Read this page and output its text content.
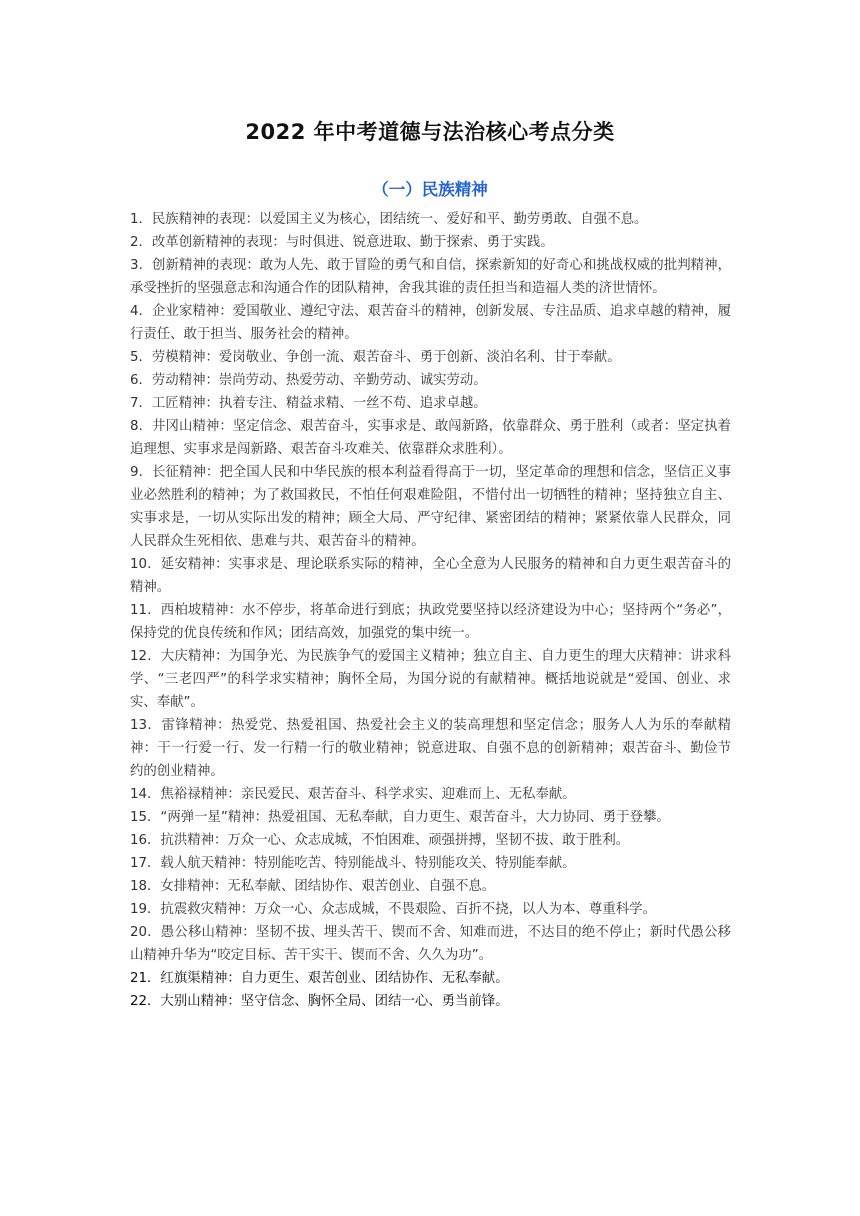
2022 年中考道德与法治核心考点分类
（一）民族精神

1．民族精神的表现：以爱国主义为核心，团结统一、爱好和平、勤劳勇敢、自强不息。

2．改革创新精神的表现：与时俱进、锐意进取、勤于探索、勇于实践。

3．创新精神的表现：敢为人先、敢于冒险的勇气和自信，探索新知的好奇心和挑战权威的批判精神，承受挫折的坚强意志和沟通合作的团队精神，舍我其谁的责任担当和造福人类的济世情怀。

4．企业家精神：爱国敬业、遵纪守法、艰苦奋斗的精神，创新发展、专注品质、追求卓越的精神，履行责任、敢于担当、服务社会的精神。

5．劳模精神：爱岗敬业、争创一流、艰苦奋斗、勇于创新、淡泊名利、甘于奉献。

6．劳动精神：崇尚劳动、热爱劳动、辛勤劳动、诚实劳动。

7．工匠精神：执着专注、精益求精、一丝不苟、追求卓越。

8．井冈山精神：坚定信念、艰苦奋斗，实事求是、敢闯新路，依靠群众、勇于胜利（或者：坚定执着追理想、实事求是闯新路、艰苦奋斗攻难关、依靠群众求胜利）。

9．长征精神：把全国人民和中华民族的根本利益看得高于一切，坚定革命的理想和信念，坚信正义事业必然胜利的精神；为了救国救民，不怕任何艰难险阻，不惜付出一切牺牲的精神；坚持独立自主、实事求是，一切从实际出发的精神；顾全大局、严守纪律、紧密团结的精神；紧紧依靠人民群众，同人民群众生死相依、患难与共、艰苦奋斗的精神。

10．延安精神：实事求是、理论联系实际的精神，全心全意为人民服务的精神和自力更生艰苦奋斗的精神。

11．西柏坡精神：水不停步，将革命进行到底；执政党要坚持以经济建设为中心；坚持两个“务必”，保持党的优良传统和作风；团结高效，加强党的集中统一。

12．大庆精神：为国争光、为民族争气的爱国主义精神；独立自主、自力更生的理大庆精神：讲求科学、“三老四严”的科学求实精神；胸怀全局，为国分说的有献精神。概括地说就是“爱国、创业、求实、奉献”。

13．雷锋精神：热爱党、热爱祖国、热爱社会主义的装高理想和坚定信念；服务人人为乐的奉献精神：干一行爱一行、发一行精一行的敬业精神；锐意进取、自强不息的创新精神；艰苦奋斗、勤俭节约的创业精神。

14．焦裕禄精神：亲民爱民、艰苦奋斗、科学求实、迎难而上、无私奉献。

15．“两弹一星”精神：热爱祖国、无私奉献，自力更生、艰苦奋斗，大力协同、勇于登攀。

16．抗洪精神：万众一心、众志成城，不怕困难、顽强拼搏，坚韧不拔、敢于胜利。

17．载人航天精神：特别能吃苦、特别能战斗、特别能攻关、特别能奉献。

18．女排精神：无私奉献、团结协作、艰苦创业、自强不息。

19．抗震救灾精神：万众一心、众志成城，不畏艰险、百折不挠，以人为本、尊重科学。

20．愚公移山精神：坚韧不拔、埋头苦干、锲而不舍、知难而进，不达目的绝不停止；新时代愚公移山精神升华为“咬定目标、苦干实干、锲而不舍、久久为功”。

21．红旗渠精神：自力更生、艰苦创业、团结协作、无私奉献。

22．大别山精神：坚守信念、胸怀全局、团结一心、勇当前锋。
